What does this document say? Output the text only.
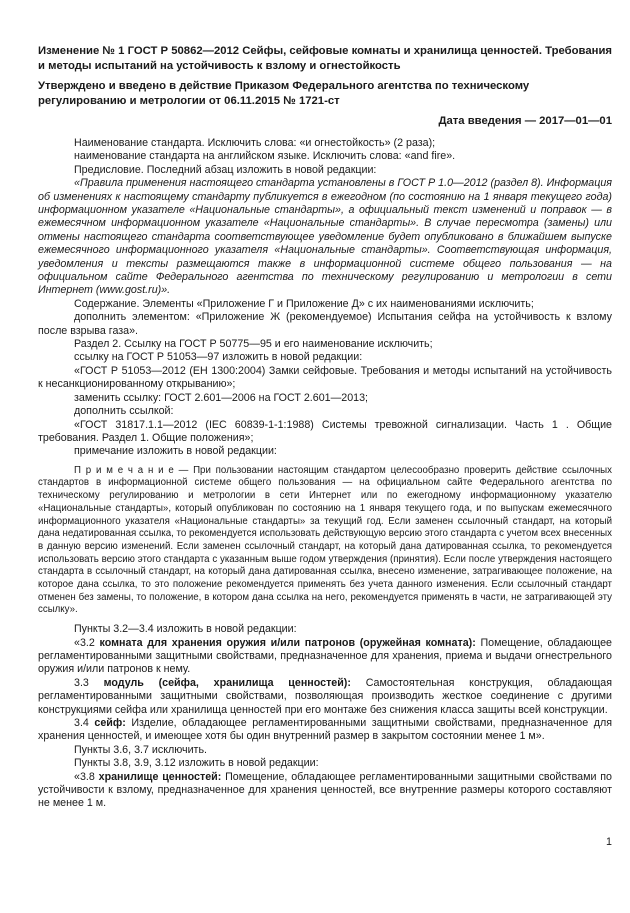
Изменение № 1 ГОСТ Р 50862—2012 Сейфы, сейфовые комнаты и хранилища ценностей. Требования и методы испытаний на устойчивость к взлому и огнестойкость
Утверждено и введено в действие Приказом Федерального агентства по техническому регулированию и метрологии от 06.11.2015 № 1721-ст
Дата введения — 2017—01—01

Наименование стандарта. Исключить слова: «и огнестойкость» (2 раза);

наименование стандарта на английском языке. Исключить слова: «and fire».

Предисловие. Последний абзац изложить в новой редакции:

«Правила применения настоящего стандарта установлены в ГОСТ Р 1.0—2012 (раздел 8). Информация об изменениях к настоящему стандарту публикуется в ежегодном (по состоянию на 1 января текущего года) информационном указателе «Национальные стандарты», а официальный текст изменений и поправок — в ежемесячном информационном указателе «Национальные стандарты». В случае пересмотра (замены) или отмены настоящего стандарта соответствующее уведомление будет опубликовано в ближайшем выпуске ежемесячного информационного указателя «Национальные стандарты». Соответствующая информация, уведомления и тексты размещаются также в информационной системе общего пользования — на официальном сайте Федерального агентства по техническому регулированию и метрологии в сети Интернет (www.gost.ru)».

Содержание. Элементы «Приложение Г и Приложение Д» с их наименованиями исключить;

дополнить элементом: «Приложение Ж (рекомендуемое) Испытания сейфа на устойчивость к взлому после взрыва газа».

Раздел 2. Ссылку на ГОСТ Р 50775—95 и его наименование исключить;

ссылку на ГОСТ Р 51053—97 изложить в новой редакции:

«ГОСТ Р 51053—2012 (ЕН 1300:2004) Замки сейфовые. Требования и методы испытаний на устойчивость к несанкционированному открыванию»;

заменить ссылку: ГОСТ 2.601—2006 на ГОСТ 2.601—2013;

дополнить ссылкой:

«ГОСТ 31817.1.1—2012 (IEC 60839-1-1:1988) Системы тревожной сигнализации. Часть 1 . Общие требования. Раздел 1. Общие положения»;

примечание изложить в новой редакции:

П р и м е ч а н и е — При пользовании настоящим стандартом целесообразно проверить действие ссылочных стандартов в информационной системе общего пользования — на официальном сайте Федерального агентства по техническому регулированию и метрологии в сети Интернет или по ежегодному информационному указателю «Национальные стандарты», который опубликован по состоянию на 1 января текущего года, и по выпускам ежемесячного информационного указателя «Национальные стандарты» за текущий год. Если заменен ссылочный стандарт, на который дана недатированная ссылка, то рекомендуется использовать действующую версию этого стандарта с учетом всех внесенных в данную версию изменений. Если заменен ссылочный стандарт, на который дана датированная ссылка, то рекомендуется использовать версию этого стандарта с указанным выше годом утверждения (принятия). Если после утверждения настоящего стандарта в ссылочный стандарт, на который дана датированная ссылка, внесено изменение, затрагивающее положение, на которое дана ссылка, то это положение рекомендуется применять без учета данного изменения. Если ссылочный стандарт отменен без замены, то положение, в котором дана ссылка на него, рекомендуется применять в части, не затрагивающей эту ссылку».

Пункты 3.2—3.4 изложить в новой редакции:

«3.2 комната для хранения оружия и/или патронов (оружейная комната): Помещение, обладающее регламентированными защитными свойствами, предназначенное для хранения, приема и выдачи огнестрельного оружия и/или патронов к нему.

3.3 модуль (сейфа, хранилища ценностей): Самостоятельная конструкция, обладающая регламентированными защитными свойствами, позволяющая производить жесткое соединение с другими конструкциями сейфа или хранилища ценностей при его монтаже без снижения класса защиты всей конструкции.

3.4 сейф: Изделие, обладающее регламентированными защитными свойствами, предназначенное для хранения ценностей, и имеющее хотя бы один внутренний размер в закрытом состоянии менее 1 м».

Пункты 3.6, 3.7 исключить.

Пункты 3.8, 3.9, 3.12 изложить в новой редакции:

«3.8 хранилище ценностей: Помещение, обладающее регламентированными защитными свойствами по устойчивости к взлому, предназначенное для хранения ценностей, все внутренние размеры которого составляют не менее 1 м.

1
